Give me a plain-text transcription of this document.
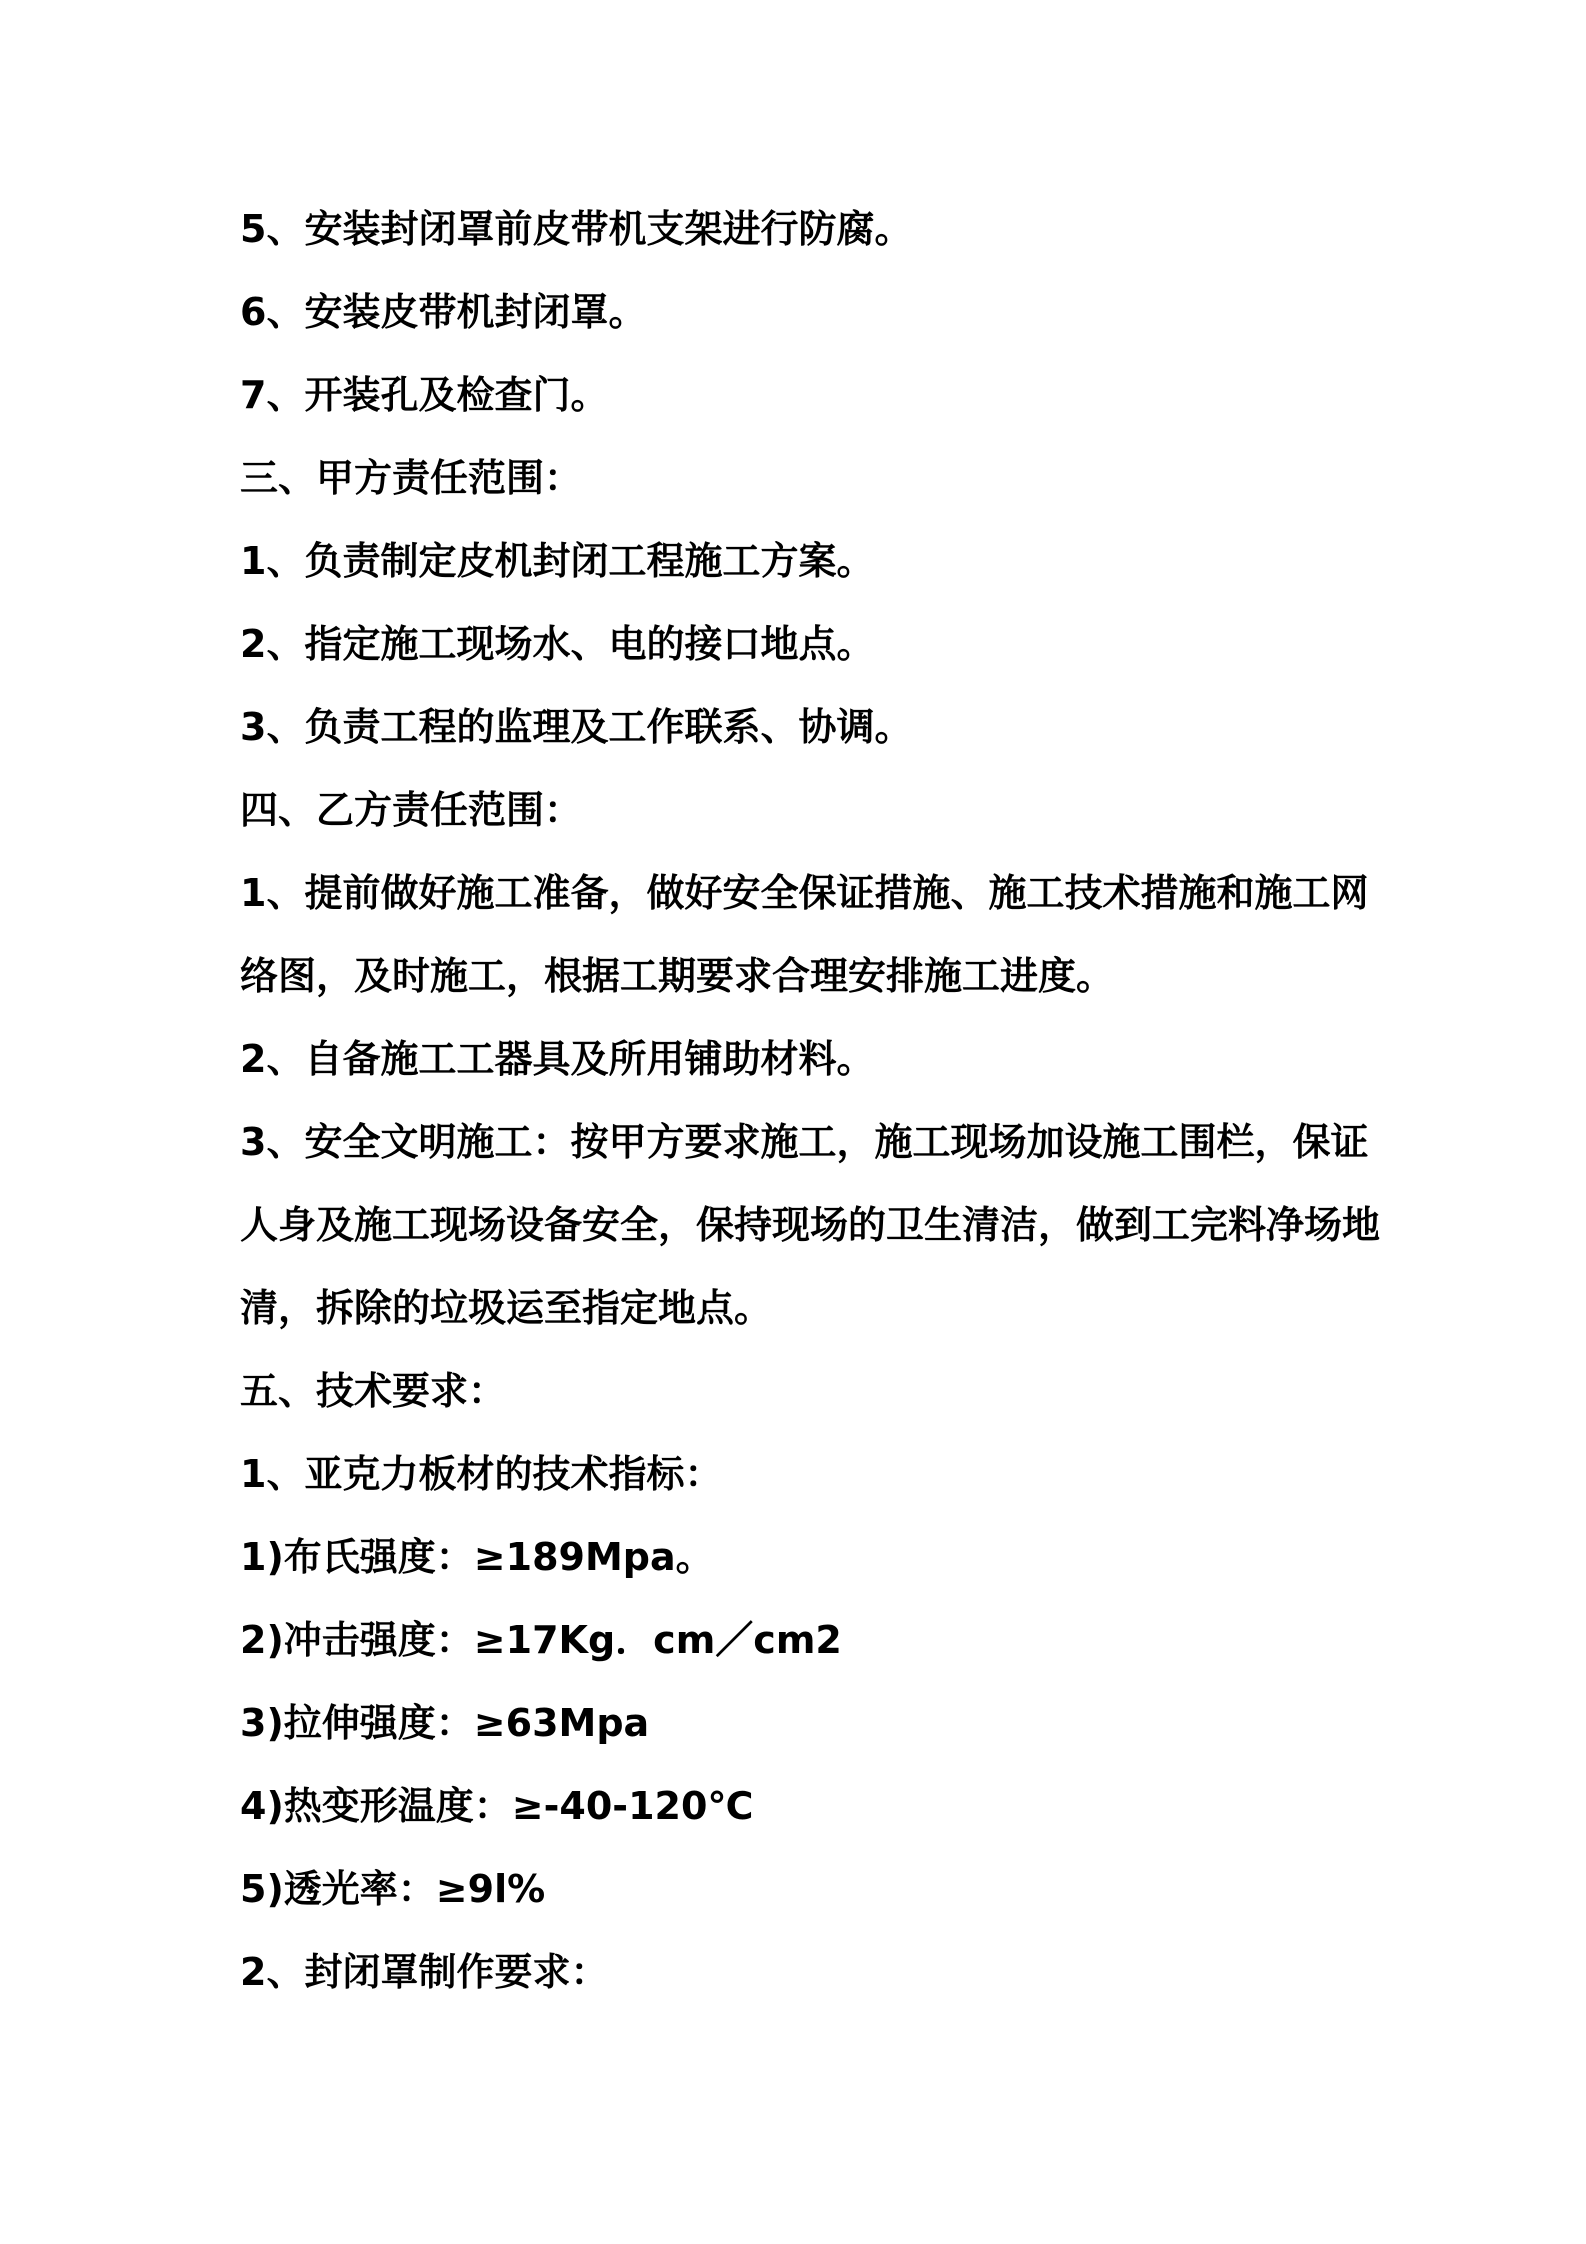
5、安装封闭罩前皮带机支架进行防腐。

6、安装皮带机封闭罩。

7、开装孔及检查门。

三、甲方责任范围：

1、负责制定皮机封闭工程施工方案。

2、指定施工现场水、电的接口地点。

3、负责工程的监理及工作联系、协调。

四、乙方责任范围：

1、提前做好施工准备，做好安全保证措施、施工技术措施和施工网

络图，及时施工，根据工期要求合理安排施工进度。

2、自备施工工器具及所用铺助材料。

3、安全文明施工：按甲方要求施工，施工现场加设施工围栏，保证

人身及施工现场设备安全，保持现场的卫生清洁，做到工完料净场地

清，拆除的垃圾运至指定地点。

五、技术要求：

1、亚克力板材的技术指标：

1)布氏强度：≥189Mpa。

2)冲击强度：≥17Kg．cm／cm2

3)拉伸强度：≥63Mpa

4)热变形温度：≥-40-120℃

5)透光率：≥9l%

2、封闭罩制作要求：
